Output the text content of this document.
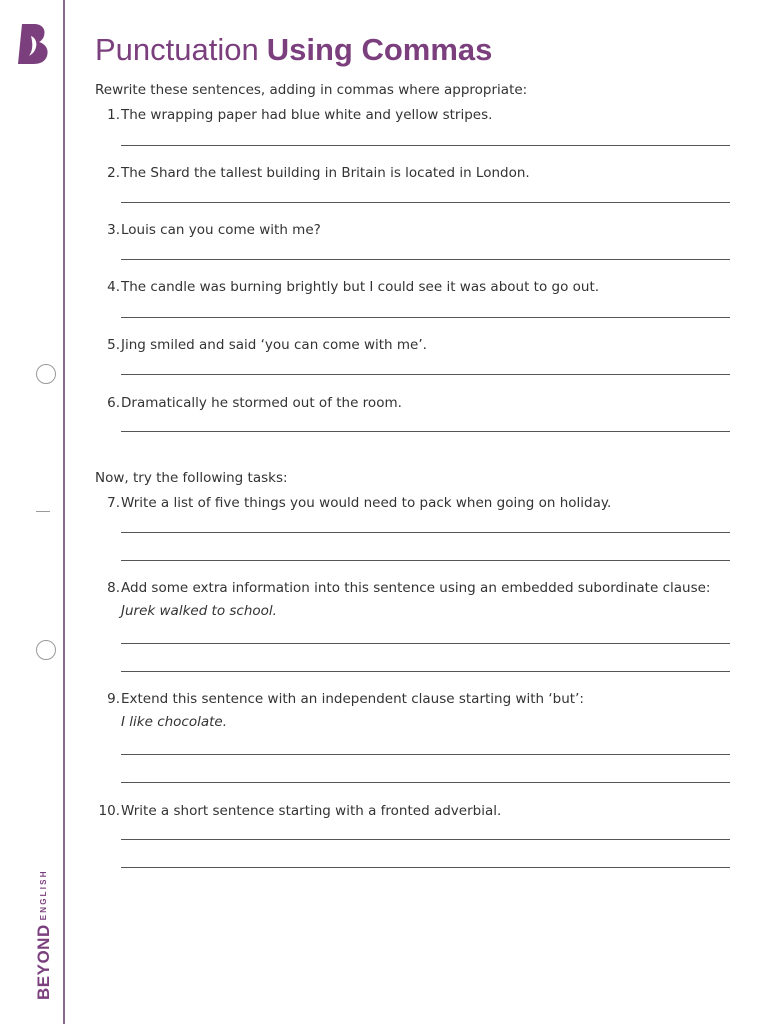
BEYONDENGLISH
Punctuation Using Commas
Rewrite these sentences, adding in commas where appropriate:
1. The wrapping paper had blue white and yellow stripes.
2. The Shard the tallest building in Britain is located in London.
3. Louis can you come with me?
4. The candle was burning brightly but I could see it was about to go out.
5. Jing smiled and said ‘you can come with me’.
6. Dramatically he stormed out of the room.
Now, try the following tasks:
7. Write a list of five things you would need to pack when going on holiday.
8. Add some extra information into this sentence using an embedded subordinate clause:
Jurek walked to school.
9. Extend this sentence with an independent clause starting with ‘but’:
I like chocolate.
10. Write a short sentence starting with a fronted adverbial.
